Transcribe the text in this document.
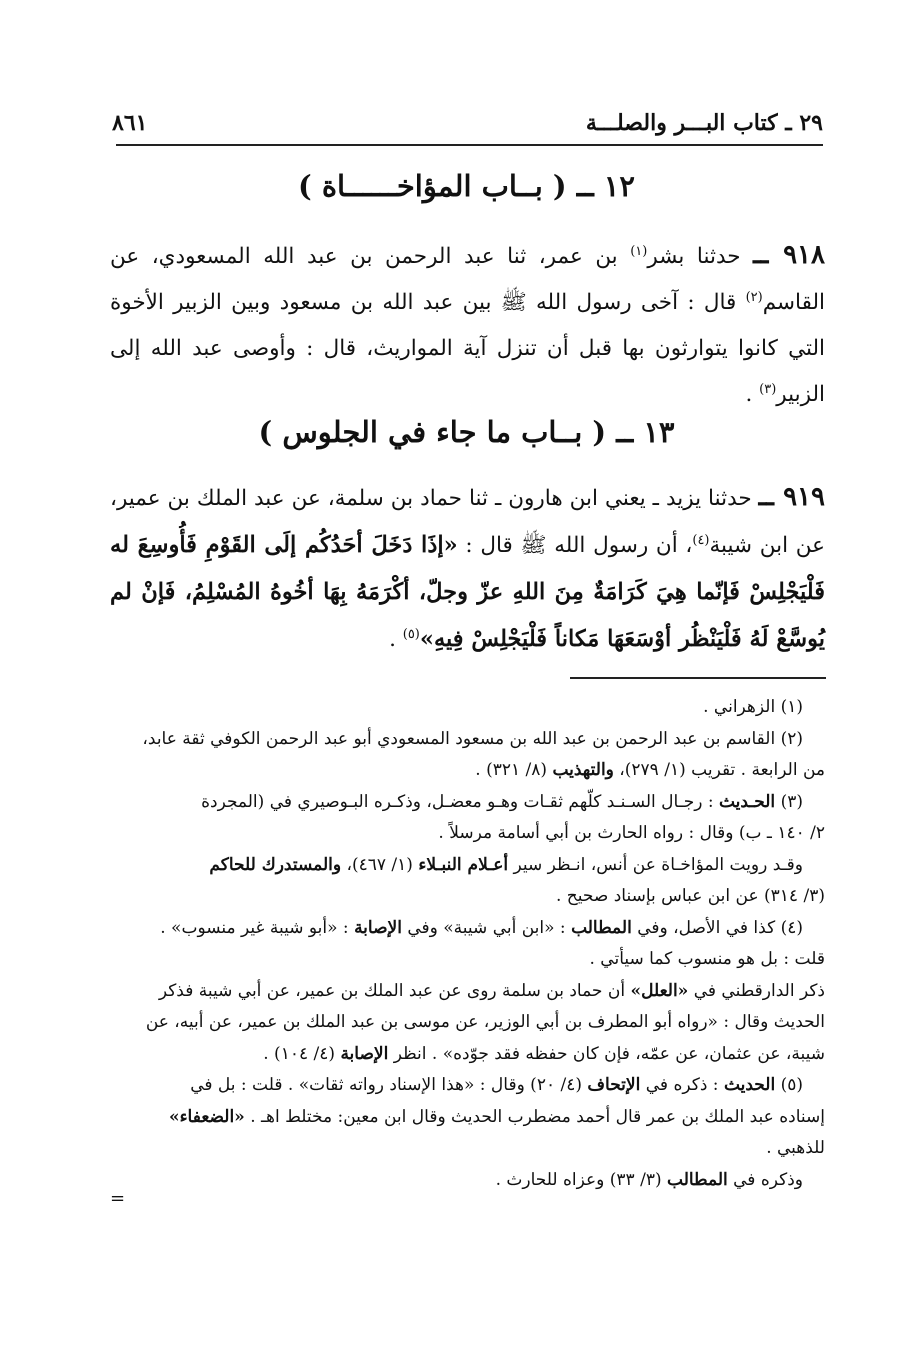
٢٩ ـ كتاب البـــر والصلـــة
٨٦١
١٢ ــ ( بــاب المؤاخــــــاة )
٩١٨ ــ حدثنا بشر$^{(١)}$ بن عمر، ثنا عبد الرحمن بن عبد الله المسعودي، عن القاسم$^{(٢)}$ قال : آخى رسول الله ﷺ بين عبد الله بن مسعود وبين الزبير الأخوة التي كانوا يتوارثون بها قبل أن تنزل آية المواريث، قال : وأوصى عبد الله إلى الزبير$^{(٣)}$ .
١٣ ــ ( بــاب ما جاء في الجلوس )
٩١٩ ــ حدثنا يزيد ـ يعني ابن هارون ـ ثنا حماد بن سلمة، عن عبد الملك بن عمير، عن ابن شيبة$^{(٤)}$، أن رسول الله ﷺ قال : «إذَا دَخَلَ أحَدُكُم إلَى القَوْمِ فَأُوسِعَ له فَلْيَجْلِسْ فَإنّما هِيَ كَرَامَةٌ مِنَ اللهِ عزّ وجلّ، أكْرَمَهُ بِهَا أخُوهُ المُسْلِمُ، فَإنْ لم يُوسَّعْ لَهُ فَلْيَنْظُر أوْسَعَهَا مَكاناً فَلْيَجْلِسْ فِيهِ»$^{(٥)}$ .

(١) الزهراني .

(٢) القاسم بن عبد الرحمن بن عبد الله بن مسعود المسعودي أبو عبد الرحمن الكوفي ثقة عابد،

من الرابعة . تقريب (١/ ٢٧٩)، والتهذيب (٨/ ٣٢١) .

(٣) الحـديث : رجـال السـنـد كلّهم ثقـات وهـو معضـل، وذكـره البـوصيري في (المجردة

٢/ ١٤٠ ـ ب) وقال : رواه الحارث بن أبي أسامة مرسلاً .

وقـد رويت المؤاخـاة عن أنس، انـظر سير أعـلام النبـلاء (١/ ٤٦٧)، والمستدرك للحاكم

(٣/ ٣١٤) عن ابن عباس بإسناد صحيح .

(٤) كذا في الأصل، وفي المطالب : «ابن أبي شيبة» وفي الإصابة : «أبو شيبة غير منسوب» .

قلت : بل هو منسوب كما سيأتي .

ذكر الدارقطني في «العلل» أن حماد بن سلمة روى عن عبد الملك بن عمير، عن أبي شيبة فذكر

الحديث وقال : «رواه أبو المطرف بن أبي الوزير، عن موسى بن عبد الملك بن عمير، عن أبيه، عن

شيبة، عن عثمان، عن عمّه، فإن كان حفظه فقد جوّده» . انظر الإصابة (٤/ ١٠٤) .

(٥) الحديث : ذكره في الإتحاف (٤/ ٢٠) وقال : «هذا الإسناد رواته ثقات» . قلت : بل في

إسناده عبد الملك بن عمر قال أحمد مضطرب الحديث وقال ابن معين: مختلط اهـ . «الضعفاء»

للذهبي .

وذكره في المطالب (٣/ ٣٣) وعزاه للحارث .

=
